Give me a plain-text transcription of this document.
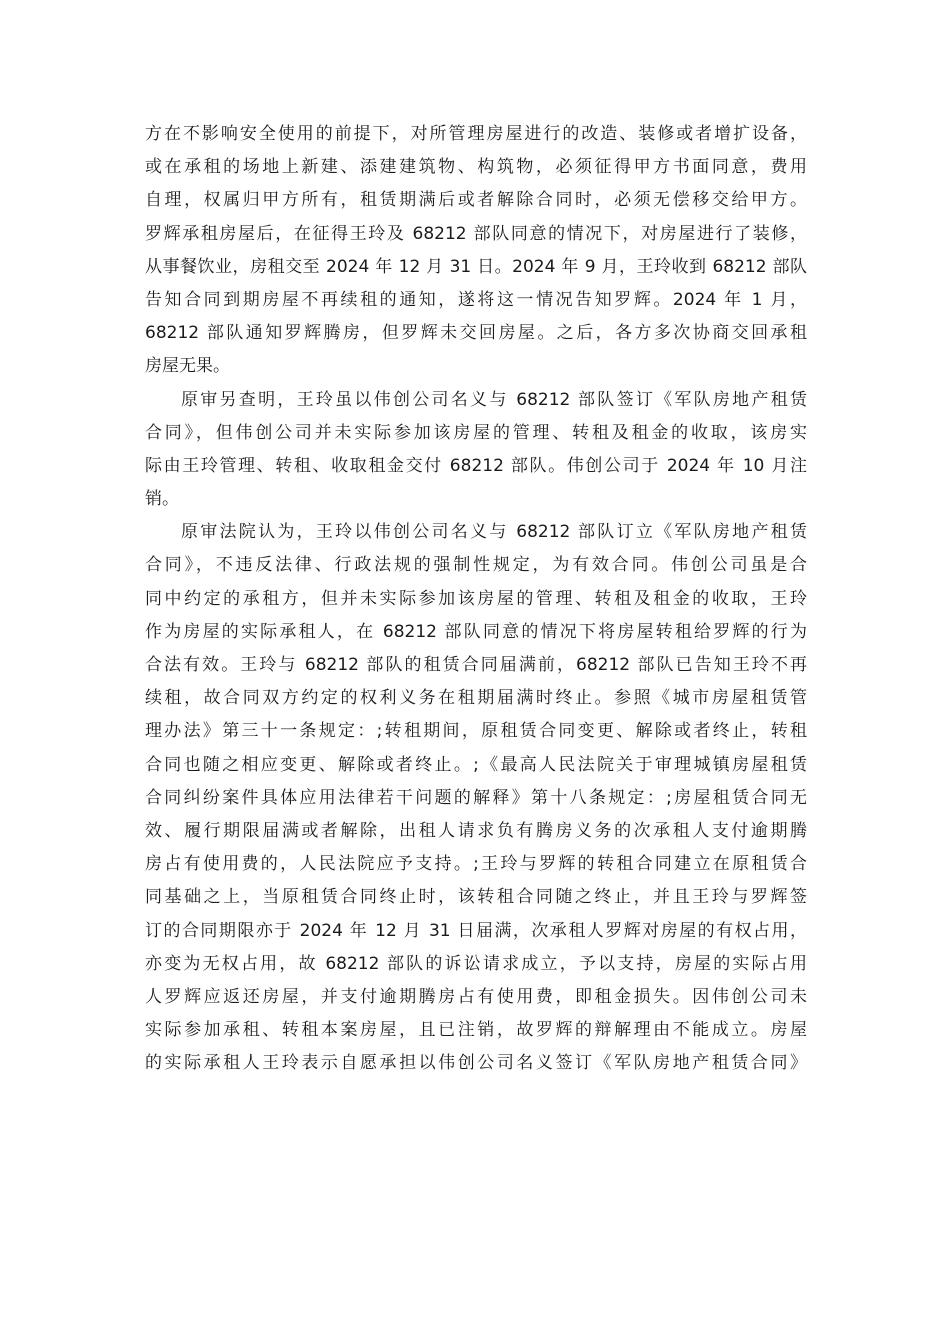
方在不影响安全使用的前提下，对所管理房屋进行的改造、装修或者增扩设备，
或在承租的场地上新建、添建建筑物、构筑物，必须征得甲方书面同意，费用
自理，权属归甲方所有，租赁期满后或者解除合同时，必须无偿移交给甲方。
罗辉承租房屋后，在征得王玲及 68212 部队同意的情况下，对房屋进行了装修，
从事餐饮业，房租交至 2024 年 12 月 31 日。2024 年 9 月，王玲收到 68212 部队
告知合同到期房屋不再续租的通知，遂将这一情况告知罗辉。2024 年 1 月，
68212 部队通知罗辉腾房，但罗辉未交回房屋。之后，各方多次协商交回承租
房屋无果。
原审另查明，王玲虽以伟创公司名义与 68212 部队签订《军队房地产租赁
合同》，但伟创公司并未实际参加该房屋的管理、转租及租金的收取，该房实
际由王玲管理、转租、收取租金交付 68212 部队。伟创公司于 2024 年 10 月注
销。
原审法院认为，王玲以伟创公司名义与 68212 部队订立《军队房地产租赁
合同》，不违反法律、行政法规的强制性规定，为有效合同。伟创公司虽是合
同中约定的承租方，但并未实际参加该房屋的管理、转租及租金的收取，王玲
作为房屋的实际承租人，在 68212 部队同意的情况下将房屋转租给罗辉的行为
合法有效。王玲与 68212 部队的租赁合同届满前，68212 部队已告知王玲不再
续租，故合同双方约定的权利义务在租期届满时终止。参照《城市房屋租赁管
理办法》第三十一条规定：;转租期间，原租赁合同变更、解除或者终止，转租
合同也随之相应变更、解除或者终止。;《最高人民法院关于审理城镇房屋租赁
合同纠纷案件具体应用法律若干问题的解释》第十八条规定：;房屋租赁合同无
效、履行期限届满或者解除，出租人请求负有腾房义务的次承租人支付逾期腾
房占有使用费的，人民法院应予支持。;王玲与罗辉的转租合同建立在原租赁合
同基础之上，当原租赁合同终止时，该转租合同随之终止，并且王玲与罗辉签
订的合同期限亦于 2024 年 12 月 31 日届满，次承租人罗辉对房屋的有权占用，
亦变为无权占用，故 68212 部队的诉讼请求成立，予以支持，房屋的实际占用
人罗辉应返还房屋，并支付逾期腾房占有使用费，即租金损失。因伟创公司未
实际参加承租、转租本案房屋，且已注销，故罗辉的辩解理由不能成立。房屋
的实际承租人王玲表示自愿承担以伟创公司名义签订《军队房地产租赁合同》
